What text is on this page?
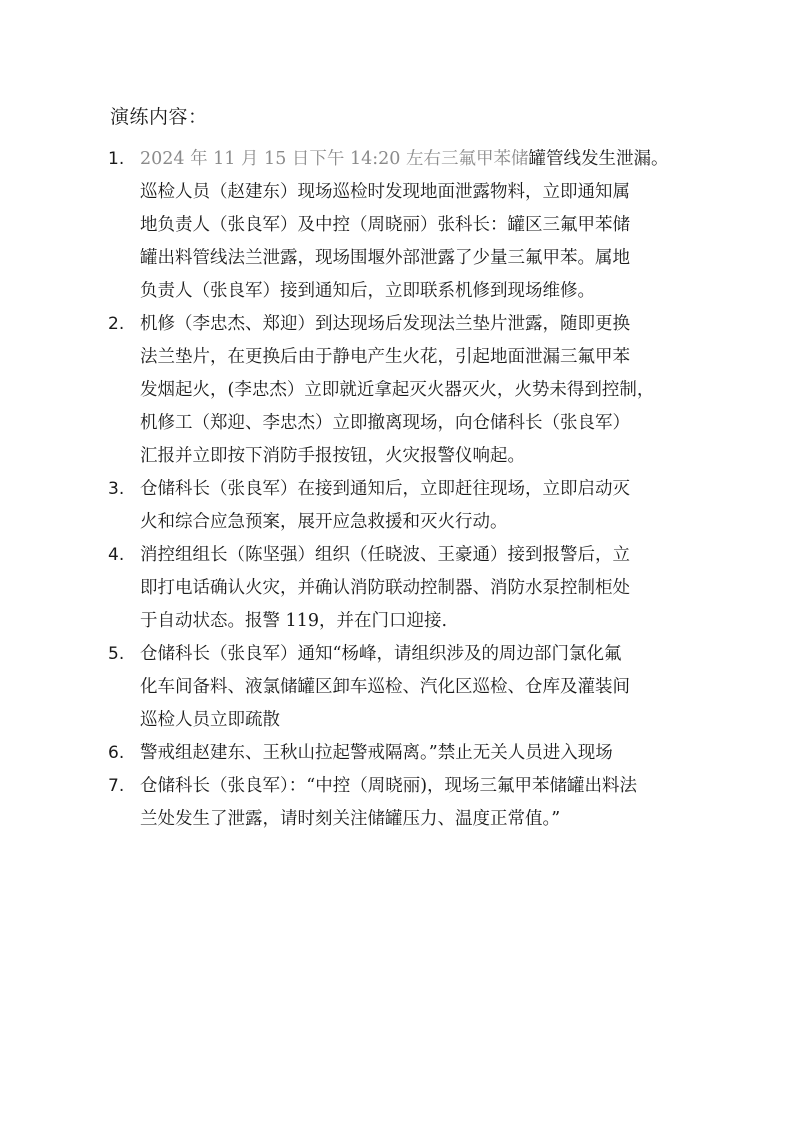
演练内容：
1. 2024 年 11 月 15 日下午 14:20 左右三氟甲苯储罐管线发生泄漏。
巡检人员（赵建东）现场巡检时发现地面泄露物料，立即通知属
地负责人（张良军）及中控（周晓丽）张科长：罐区三氟甲苯储
罐出料管线法兰泄露，现场围堰外部泄露了少量三氟甲苯。属地
负责人（张良军）接到通知后，立即联系机修到现场维修。
2. 机修（李忠杰、郑迎）到达现场后发现法兰垫片泄露，随即更换
法兰垫片，在更换后由于静电产生火花，引起地面泄漏三氟甲苯
发烟起火，(李忠杰）立即就近拿起灭火器灭火，火势未得到控制，
机修工（郑迎、李忠杰）立即撤离现场，向仓储科长（张良军）
汇报并立即按下消防手报按钮，火灾报警仪响起。
3. 仓储科长（张良军）在接到通知后，立即赶往现场，立即启动灭
火和综合应急预案，展开应急救援和灭火行动。
4. 消控组组长（陈坚强）组织（任晓波、王豪通）接到报警后，立
即打电话确认火灾，并确认消防联动控制器、消防水泵控制柜处
于自动状态。报警 119，并在门口迎接.
5. 仓储科长（张良军）通知“杨峰，请组织涉及的周边部门氯化氟
化车间备料、液氯储罐区卸车巡检、汽化区巡检、仓库及灌装间
巡检人员立即疏散
6. 警戒组赵建东、王秋山拉起警戒隔离。”禁止无关人员进入现场
7. 仓储科长（张良军）：“中控（周晓丽)，现场三氟甲苯储罐出料法
兰处发生了泄露，请时刻关注储罐压力、温度正常值。”
